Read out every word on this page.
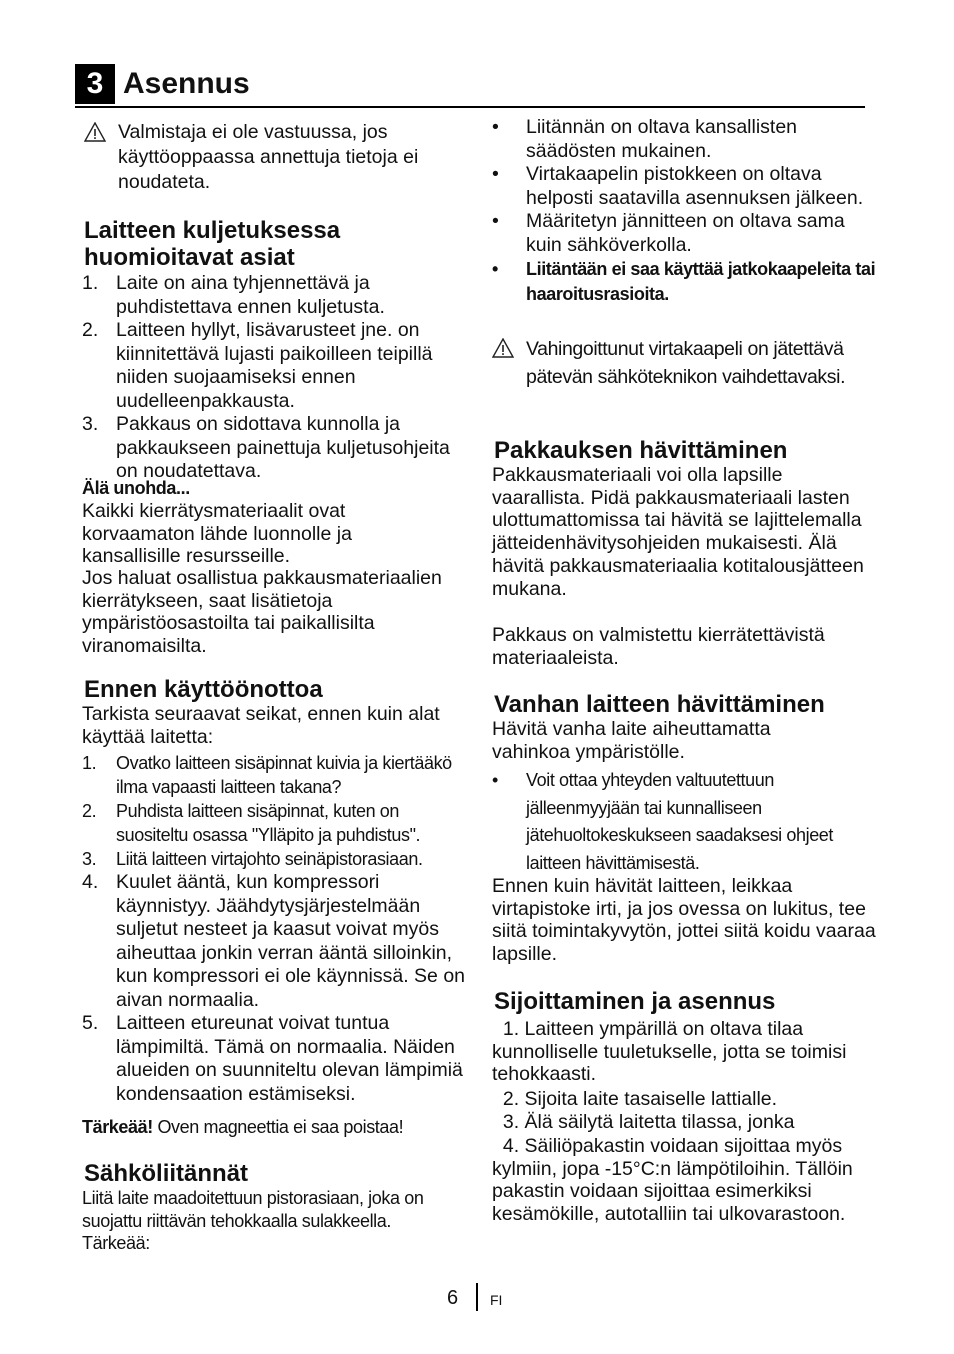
3 Asennus
Valmistaja ei ole vastuussa, jos käyttöoppaassa annettuja tietoja ei noudateta.
Laitteen kuljetuksessa huomioitavat asiat
1. Laite on aina tyhjennettävä ja puhdistettava ennen kuljetusta.
2. Laitteen hyllyt, lisävarusteet jne. on kiinnitettävä lujasti paikoilleen teipillä niiden suojaamiseksi ennen uudelleenpakkausta.
3. Pakkaus on sidottava kunnolla ja pakkaukseen painettuja kuljetusohjeita on noudatettava.

Älä unohda...

Kaikki kierrätysmateriaalit ovat korvaamaton lähde luonnolle ja kansallisille resursseille.

Jos haluat osallistua pakkausmateriaalien kierrätykseen, saat lisätietoja ympäristöosastoilta tai paikallisilta viranomaisilta.

Ennen käyttöönottoa

Tarkista seuraavat seikat, ennen kuin alat käyttää laitetta:

1. Ovatko laitteen sisäpinnat kuivia ja kiertääkö ilma vapaasti laitteen takana?
2. Puhdista laitteen sisäpinnat, kuten on suositeltu osassa "Ylläpito ja puhdistus".
3. Liitä laitteen virtajohto seinäpistorasiaan.
4. Kuulet ääntä, kun kompressori käynnistyy. Jäähdytysjärjestelmään suljetut nesteet ja kaasut voivat myös aiheuttaa jonkin verran ääntä silloinkin, kun kompressori ei ole käynnissä. Se on aivan normaalia.
5. Laitteen etureunat voivat tuntua lämpimiltä. Tämä on normaalia. Näiden alueiden on suunniteltu olevan lämpimiä kondensaation estämiseksi.

Tärkeää! Oven magneettia ei saa poistaa!

Sähköliitännät

Liitä laite maadoitettuun pistorasiaan, joka on suojattu riittävän tehokkaalla sulakkeella. Tärkeää:

• Liitännän on oltava kansallisten säädösten mukainen.
• Virtakaapelin pistokkeen on oltava helposti saatavilla asennuksen jälkeen.
• Määritetyn jännitteen on oltava sama kuin sähköverkolla.
• Liitäntään ei saa käyttää jatkokaapeleita tai haaroitusrasioita.
Vahingoittunut virtakaapeli on jätettävä pätevän sähköteknikon vaihdettavaksi.
Pakkauksen hävittäminen

Pakkausmateriaali voi olla lapsille vaarallista. Pidä pakkausmateriaali lasten ulottumattomissa tai hävitä se lajittelemalla jätteidenhävitysohjeiden mukaisesti. Älä hävitä pakkausmateriaalia kotitalousjätteen mukana.

Pakkaus on valmistettu kierrätettävistä materiaaleista.

Vanhan laitteen hävittäminen

Hävitä vanha laite aiheuttamatta vahinkoa ympäristölle.

• Voit ottaa yhteyden valtuutettuun jälleenmyyjään tai kunnalliseen jätehuoltokeskukseen saadaksesi ohjeet laitteen hävittämisestä.

Ennen kuin hävität laitteen, leikkaa virtapistoke irti, ja jos ovessa on lukitus, tee siitä toimintakyvytön, jottei siitä koidu vaaraa lapsille.

Sijoittaminen ja asennus

1. Laitteen ympärillä on oltava tilaa kunnolliselle tuuletukselle, jotta se toimisi tehokkaasti.

2. Sijoita laite tasaiselle lattialle.

3. Älä säilytä laitetta tilassa, jonka

4. Säiliöpakastin voidaan sijoittaa myös kylmiin, jopa -15°C:n lämpötiloihin. Tällöin pakastin voidaan sijoittaa esimerkiksi kesämökille, autotalliin tai ulkovarastoon.

6 FI
